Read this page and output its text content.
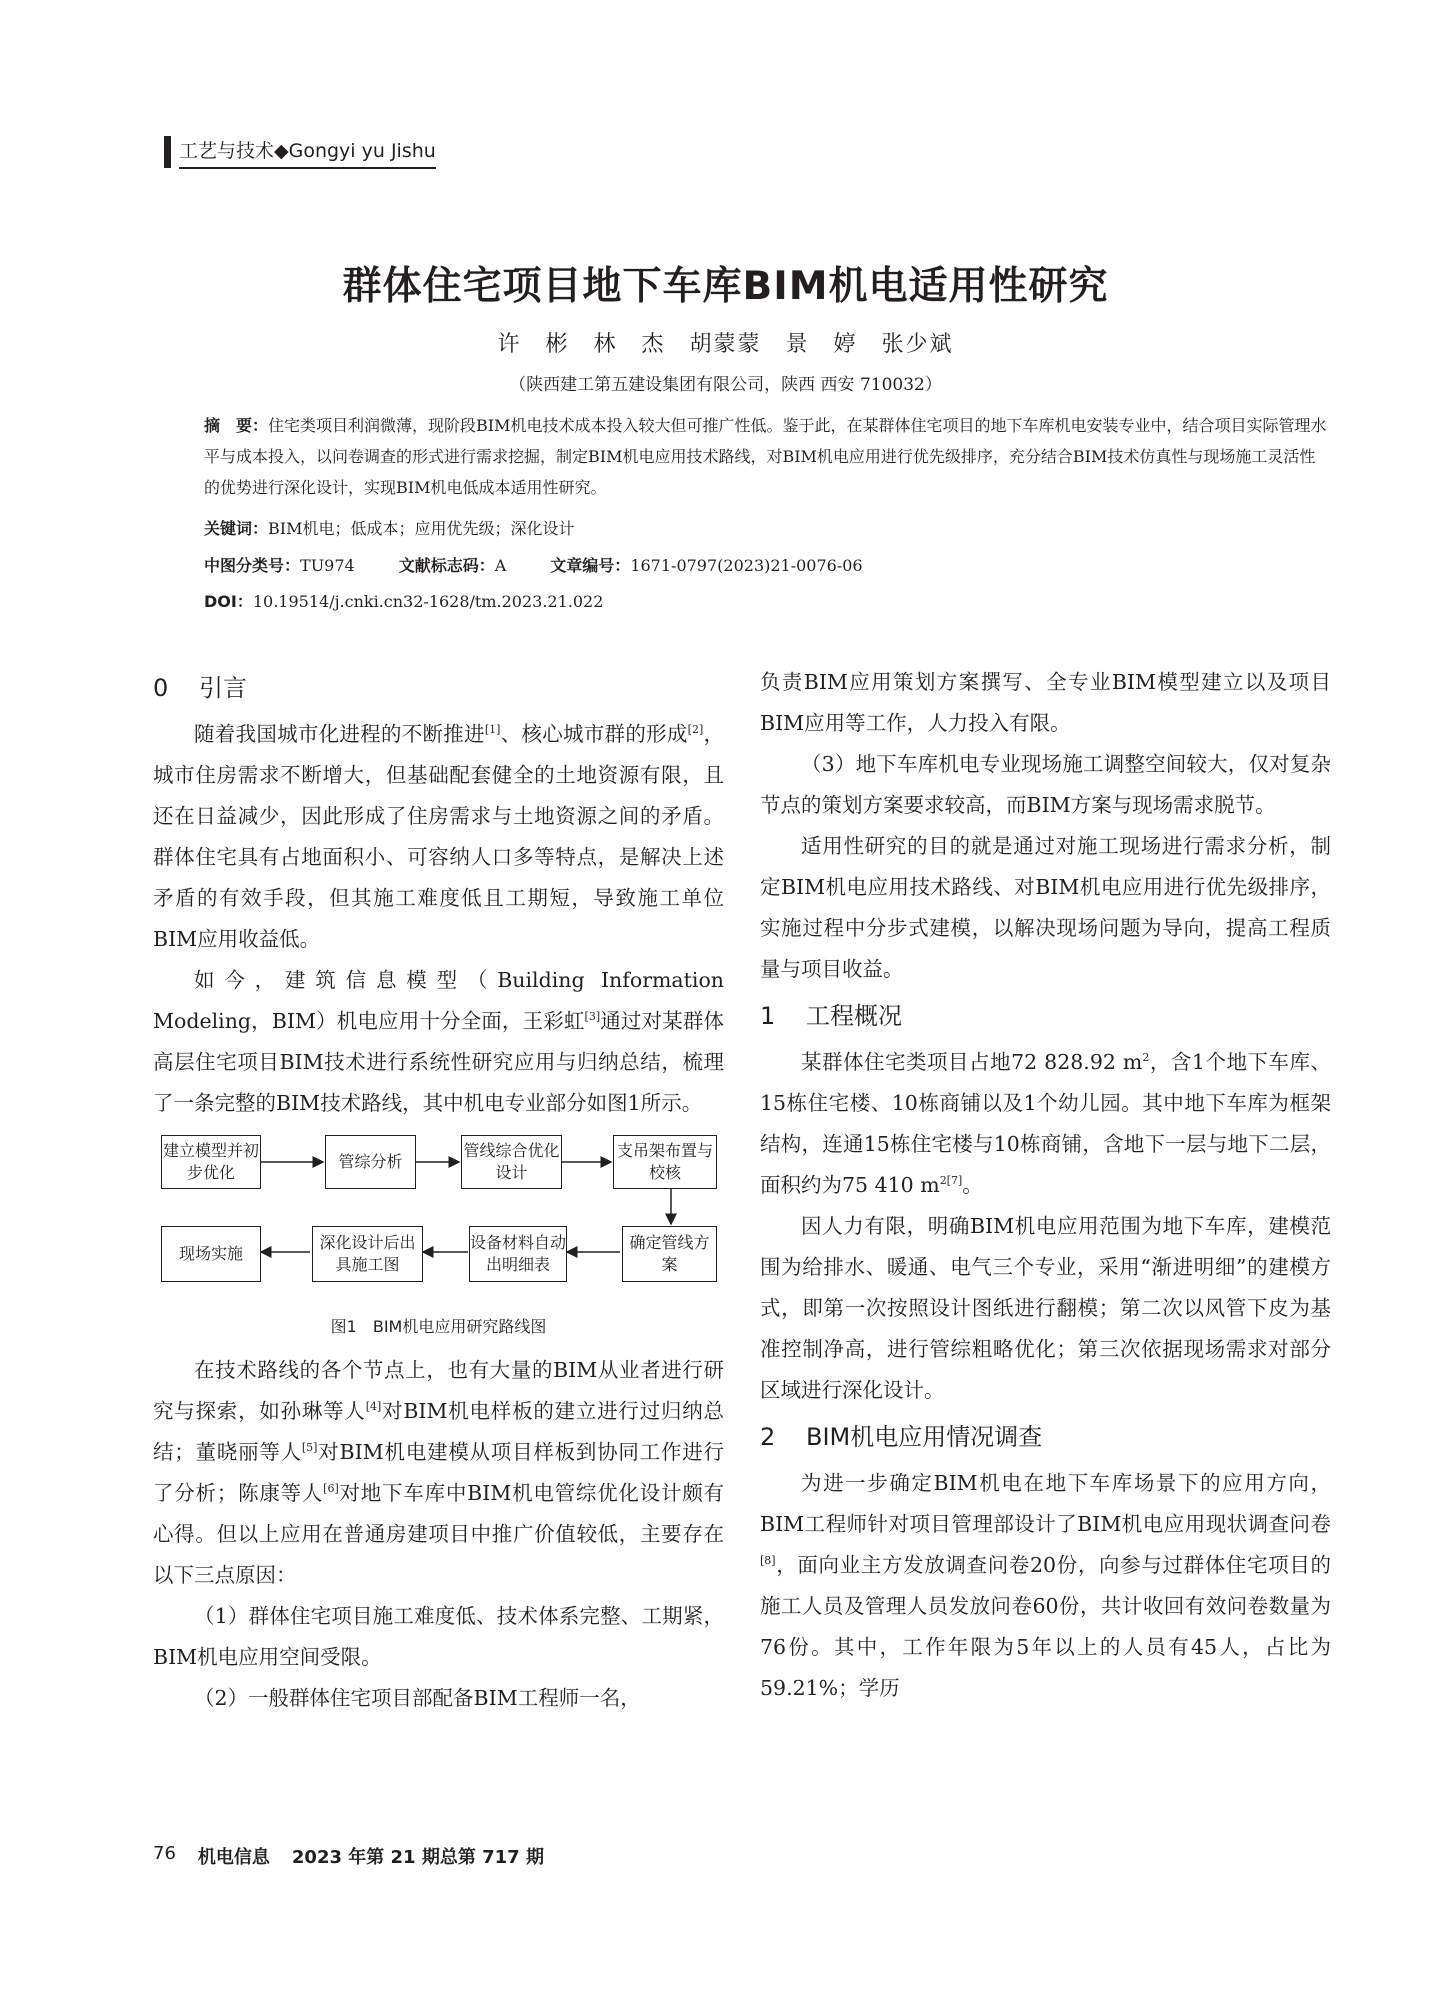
工艺与技术◆Gongyi yu Jishu
群体住宅项目地下车库BIM机电适用性研究
许　彬　林　杰　胡蒙蒙　景　婷　张少斌
（陕西建工第五建设集团有限公司，陕西 西安 710032）
摘　要：住宅类项目利润微薄，现阶段BIM机电技术成本投入较大但可推广性低。鉴于此，在某群体住宅项目的地下车库机电安装专业中，结合项目实际管理水平与成本投入，以问卷调查的形式进行需求挖掘，制定BIM机电应用技术路线，对BIM机电应用进行优先级排序，充分结合BIM技术仿真性与现场施工灵活性的优势进行深化设计，实现BIM机电低成本适用性研究。
关键词：BIM机电；低成本；应用优先级；深化设计
中图分类号：TU974	文献标志码：A	文章编号：1671-0797(2023)21-0076-06
DOI：10.19514/j.cnki.cn32-1628/tm.2023.21.022
0 引言

随着我国城市化进程的不断推进[1]、核心城市群的形成[2]，城市住房需求不断增大，但基础配套健全的土地资源有限，且还在日益减少，因此形成了住房需求与土地资源之间的矛盾。群体住宅具有占地面积小、可容纳人口多等特点，是解决上述矛盾的有效手段，但其施工难度低且工期短，导致施工单位BIM应用收益低。

如今，建筑信息模型（Building Information Modeling，BIM）机电应用十分全面，王彩虹[3]通过对某群体高层住宅项目BIM技术进行系统性研究应用与归纳总结，梳理了一条完整的BIM技术路线，其中机电专业部分如图1所示。

建立模型并初步优化
管综分析
管线综合优化设计
支吊架布置与校核
确定管线方案
设备材料自动出明细表
深化设计后出具施工图
现场实施
图1　BIM机电应用研究路线图

在技术路线的各个节点上，也有大量的BIM从业者进行研究与探索，如孙琳等人[4]对BIM机电样板的建立进行过归纳总结；董晓丽等人[5]对BIM机电建模从项目样板到协同工作进行了分析；陈康等人[6]对地下车库中BIM机电管综优化设计颇有心得。但以上应用在普通房建项目中推广价值较低，主要存在以下三点原因：

（1）群体住宅项目施工难度低、技术体系完整、工期紧，BIM机电应用空间受限。

（2）一般群体住宅项目部配备BIM工程师一名，

负责BIM应用策划方案撰写、全专业BIM模型建立以及项目BIM应用等工作，人力投入有限。

（3）地下车库机电专业现场施工调整空间较大，仅对复杂节点的策划方案要求较高，而BIM方案与现场需求脱节。

适用性研究的目的就是通过对施工现场进行需求分析，制定BIM机电应用技术路线、对BIM机电应用进行优先级排序，实施过程中分步式建模，以解决现场问题为导向，提高工程质量与项目收益。

1 工程概况

某群体住宅类项目占地72 828.92 $m^2$，含1个地下车库、15栋住宅楼、10栋商铺以及1个幼儿园。其中地下车库为框架结构，连通15栋住宅楼与10栋商铺，含地下一层与地下二层，面积约为75 410 $m^{2[7]}$。

因人力有限，明确BIM机电应用范围为地下车库，建模范围为给排水、暖通、电气三个专业，采用“渐进明细”的建模方式，即第一次按照设计图纸进行翻模；第二次以风管下皮为基准控制净高，进行管综粗略优化；第三次依据现场需求对部分区域进行深化设计。

2 BIM机电应用情况调查

为进一步确定BIM机电在地下车库场景下的应用方向，BIM工程师针对项目管理部设计了BIM机电应用现状调查问卷[8]，面向业主方发放调查问卷20份，向参与过群体住宅项目的施工人员及管理人员发放问卷60份，共计收回有效问卷数量为76份。其中，工作年限为5年以上的人员有45人，占比为59.21%；学历

76 机电信息 2023 年第 21 期总第 717 期
